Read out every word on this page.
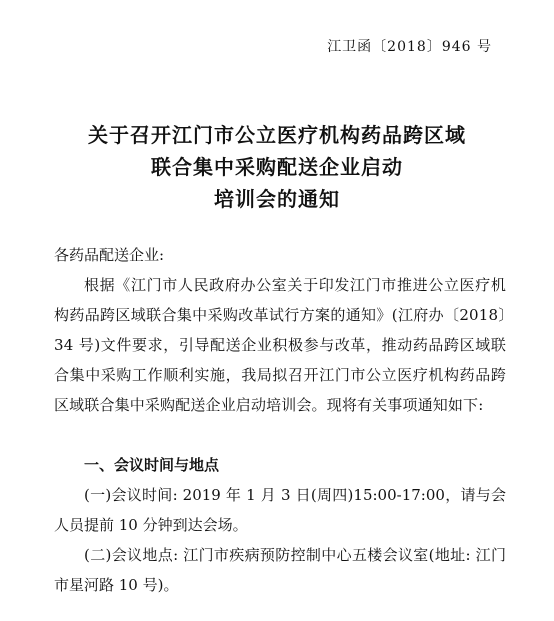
江卫函〔2018〕946 号
关于召开江门市公立医疗机构药品跨区域
联合集中采购配送企业启动
培训会的通知
各药品配送企业:
根据《江门市人民政府办公室关于印发江门市推进公立医疗机构药品跨区域联合集中采购改革试行方案的通知》(江府办〔2018〕34 号)文件要求，引导配送企业积极参与改革，推动药品跨区域联合集中采购工作顺利实施，我局拟召开江门市公立医疗机构药品跨区域联合集中采购配送企业启动培训会。现将有关事项通知如下:
一、会议时间与地点
(一)会议时间: 2019 年 1 月 3 日(周四)15:00-17:00，请与会人员提前 10 分钟到达会场。
(二)会议地点: 江门市疾病预防控制中心五楼会议室(地址: 江门市星河路 10 号)。
